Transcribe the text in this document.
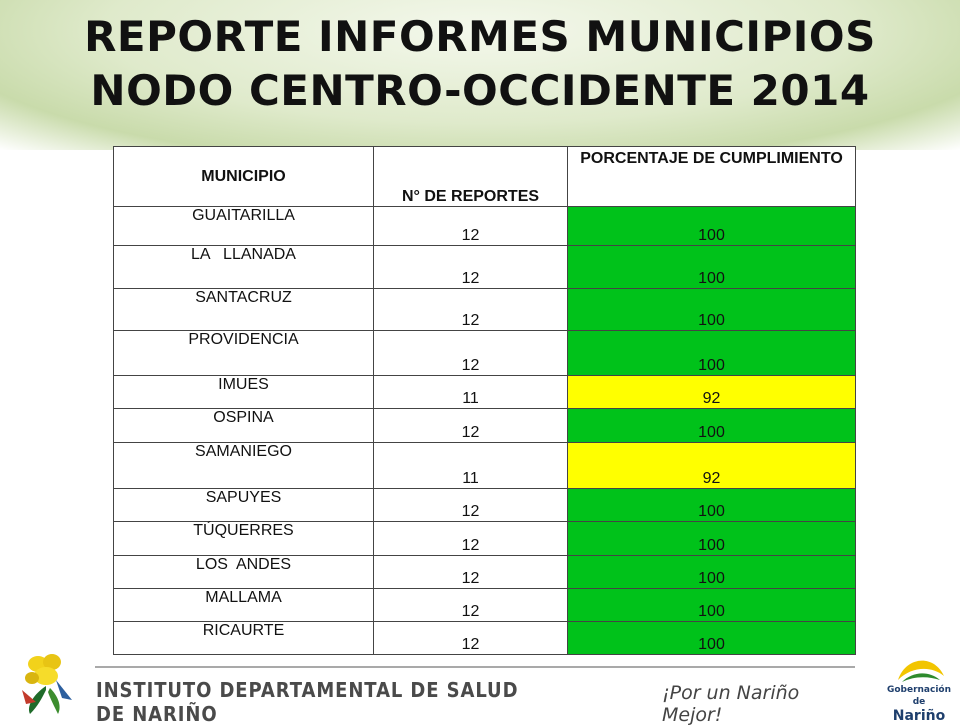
REPORTE INFORMES MUNICIPIOS
NODO CENTRO-OCCIDENTE 2014
MUNICIPIO	N° DE REPORTES	PORCENTAJE DE CUMPLIMIENTO
GUAITARILLA	12	100
LA   LLANADA	12	100
SANTACRUZ	12	100
PROVIDENCIA	12	100
IMUES	11	92
OSPINA	12	100
SAMANIEGO	11	92
SAPUYES	12	100
TÚQUERRES	12	100
LOS  ANDES	12	100
MALLAMA	12	100
RICAURTE	12	100
INSTITUTO DEPARTAMENTAL DE SALUD DE NARIÑO
¡Por un Nariño Mejor!
Gobernación de
Nariño
